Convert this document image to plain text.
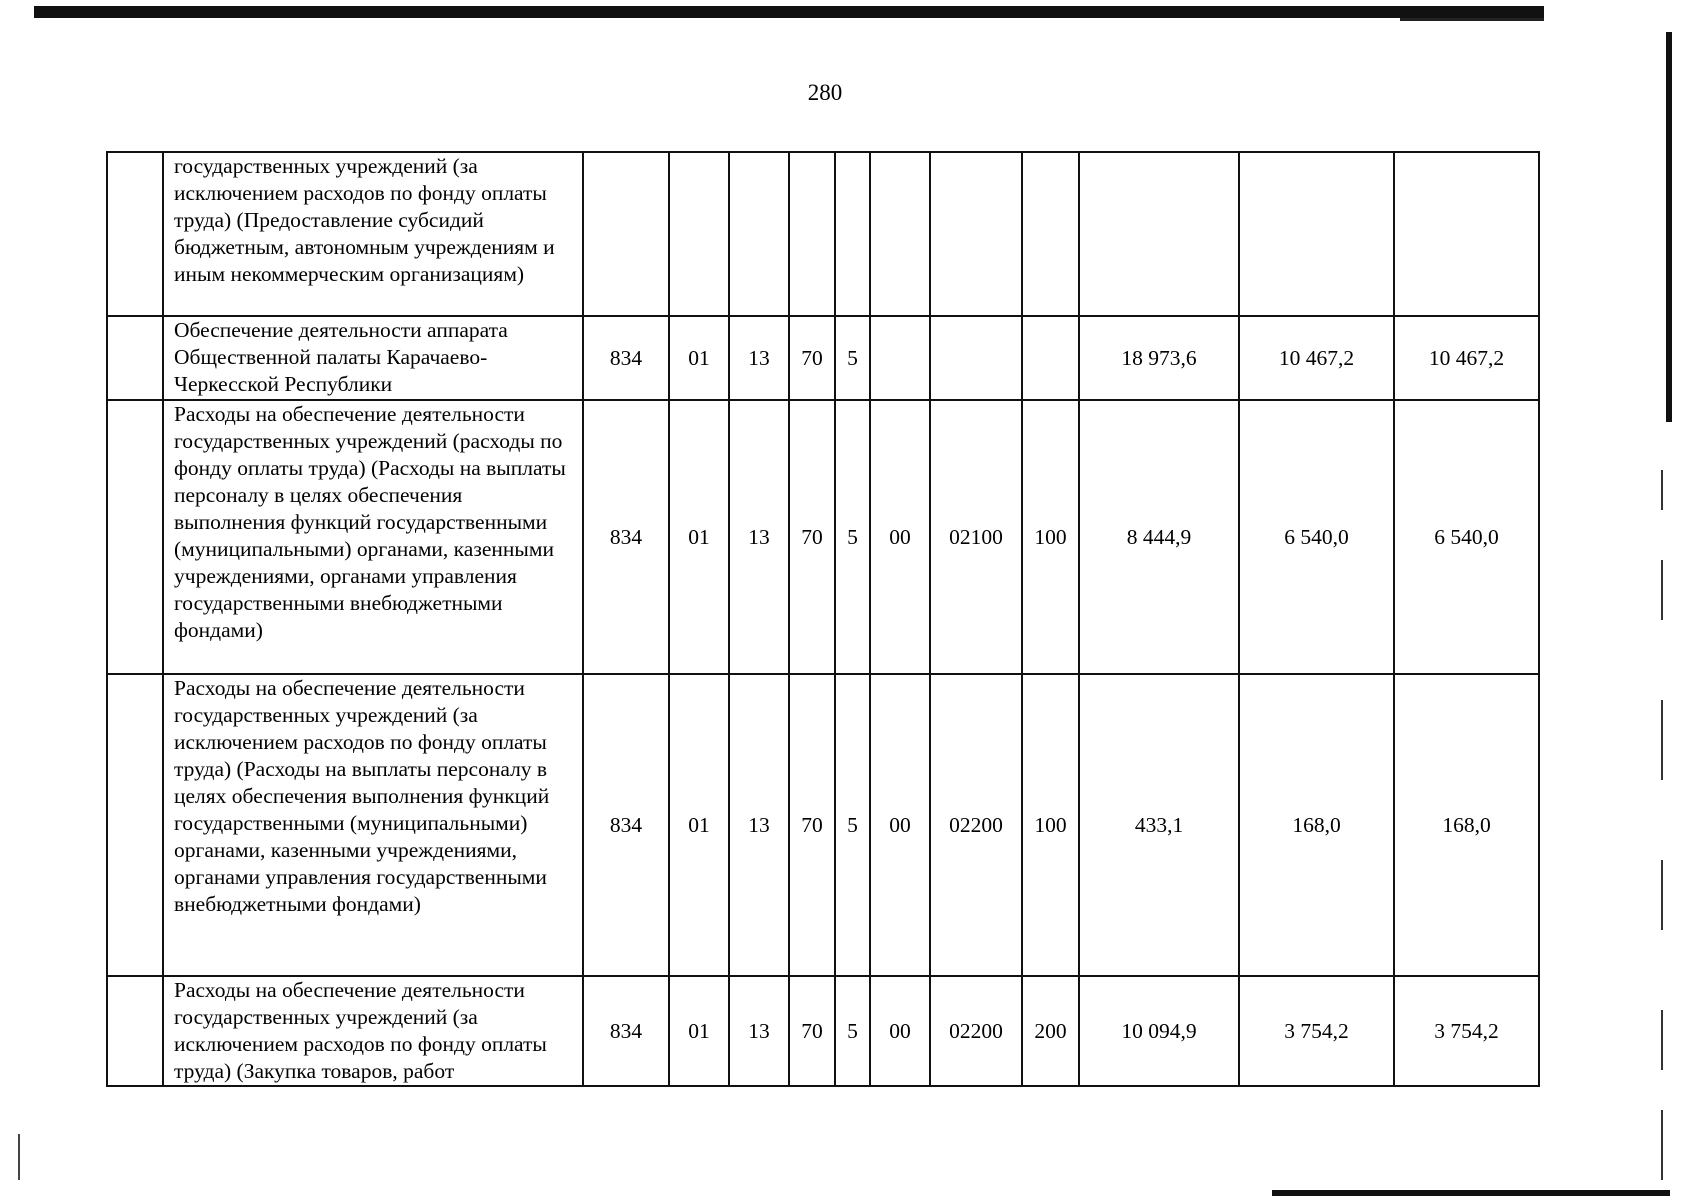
280
	государственных учреждений (за исключением расходов по фонду оплаты труда) (Предоставление субсидий бюджетным, автономным учреждениям и иным некоммерческим организациям)											
	Обеспечение деятельности аппарата Общественной палаты Карачаево-Черкесской Республики	834	01	13	70	5				18 973,6	10 467,2	10 467,2
	Расходы на обеспечение деятельности государственных учреждений (расходы по фонду оплаты труда) (Расходы на выплаты персоналу в целях обеспечения выполнения функций государственными (муниципальными) органами, казенными учреждениями, органами управления государственными внебюджетными фондами)	834	01	13	70	5	00	02100	100	8 444,9	6 540,0	6 540,0
	Расходы на обеспечение деятельности государственных учреждений (за исключением расходов по фонду оплаты труда) (Расходы на выплаты персоналу в целях обеспечения выполнения функций государственными (муниципальными) органами, казенными учреждениями, органами управления государственными внебюджетными фондами)	834	01	13	70	5	00	02200	100	433,1	168,0	168,0
	Расходы на обеспечение деятельности государственных учреждений (за исключением расходов по фонду оплаты труда) (Закупка товаров, работ	834	01	13	70	5	00	02200	200	10 094,9	3 754,2	3 754,2
